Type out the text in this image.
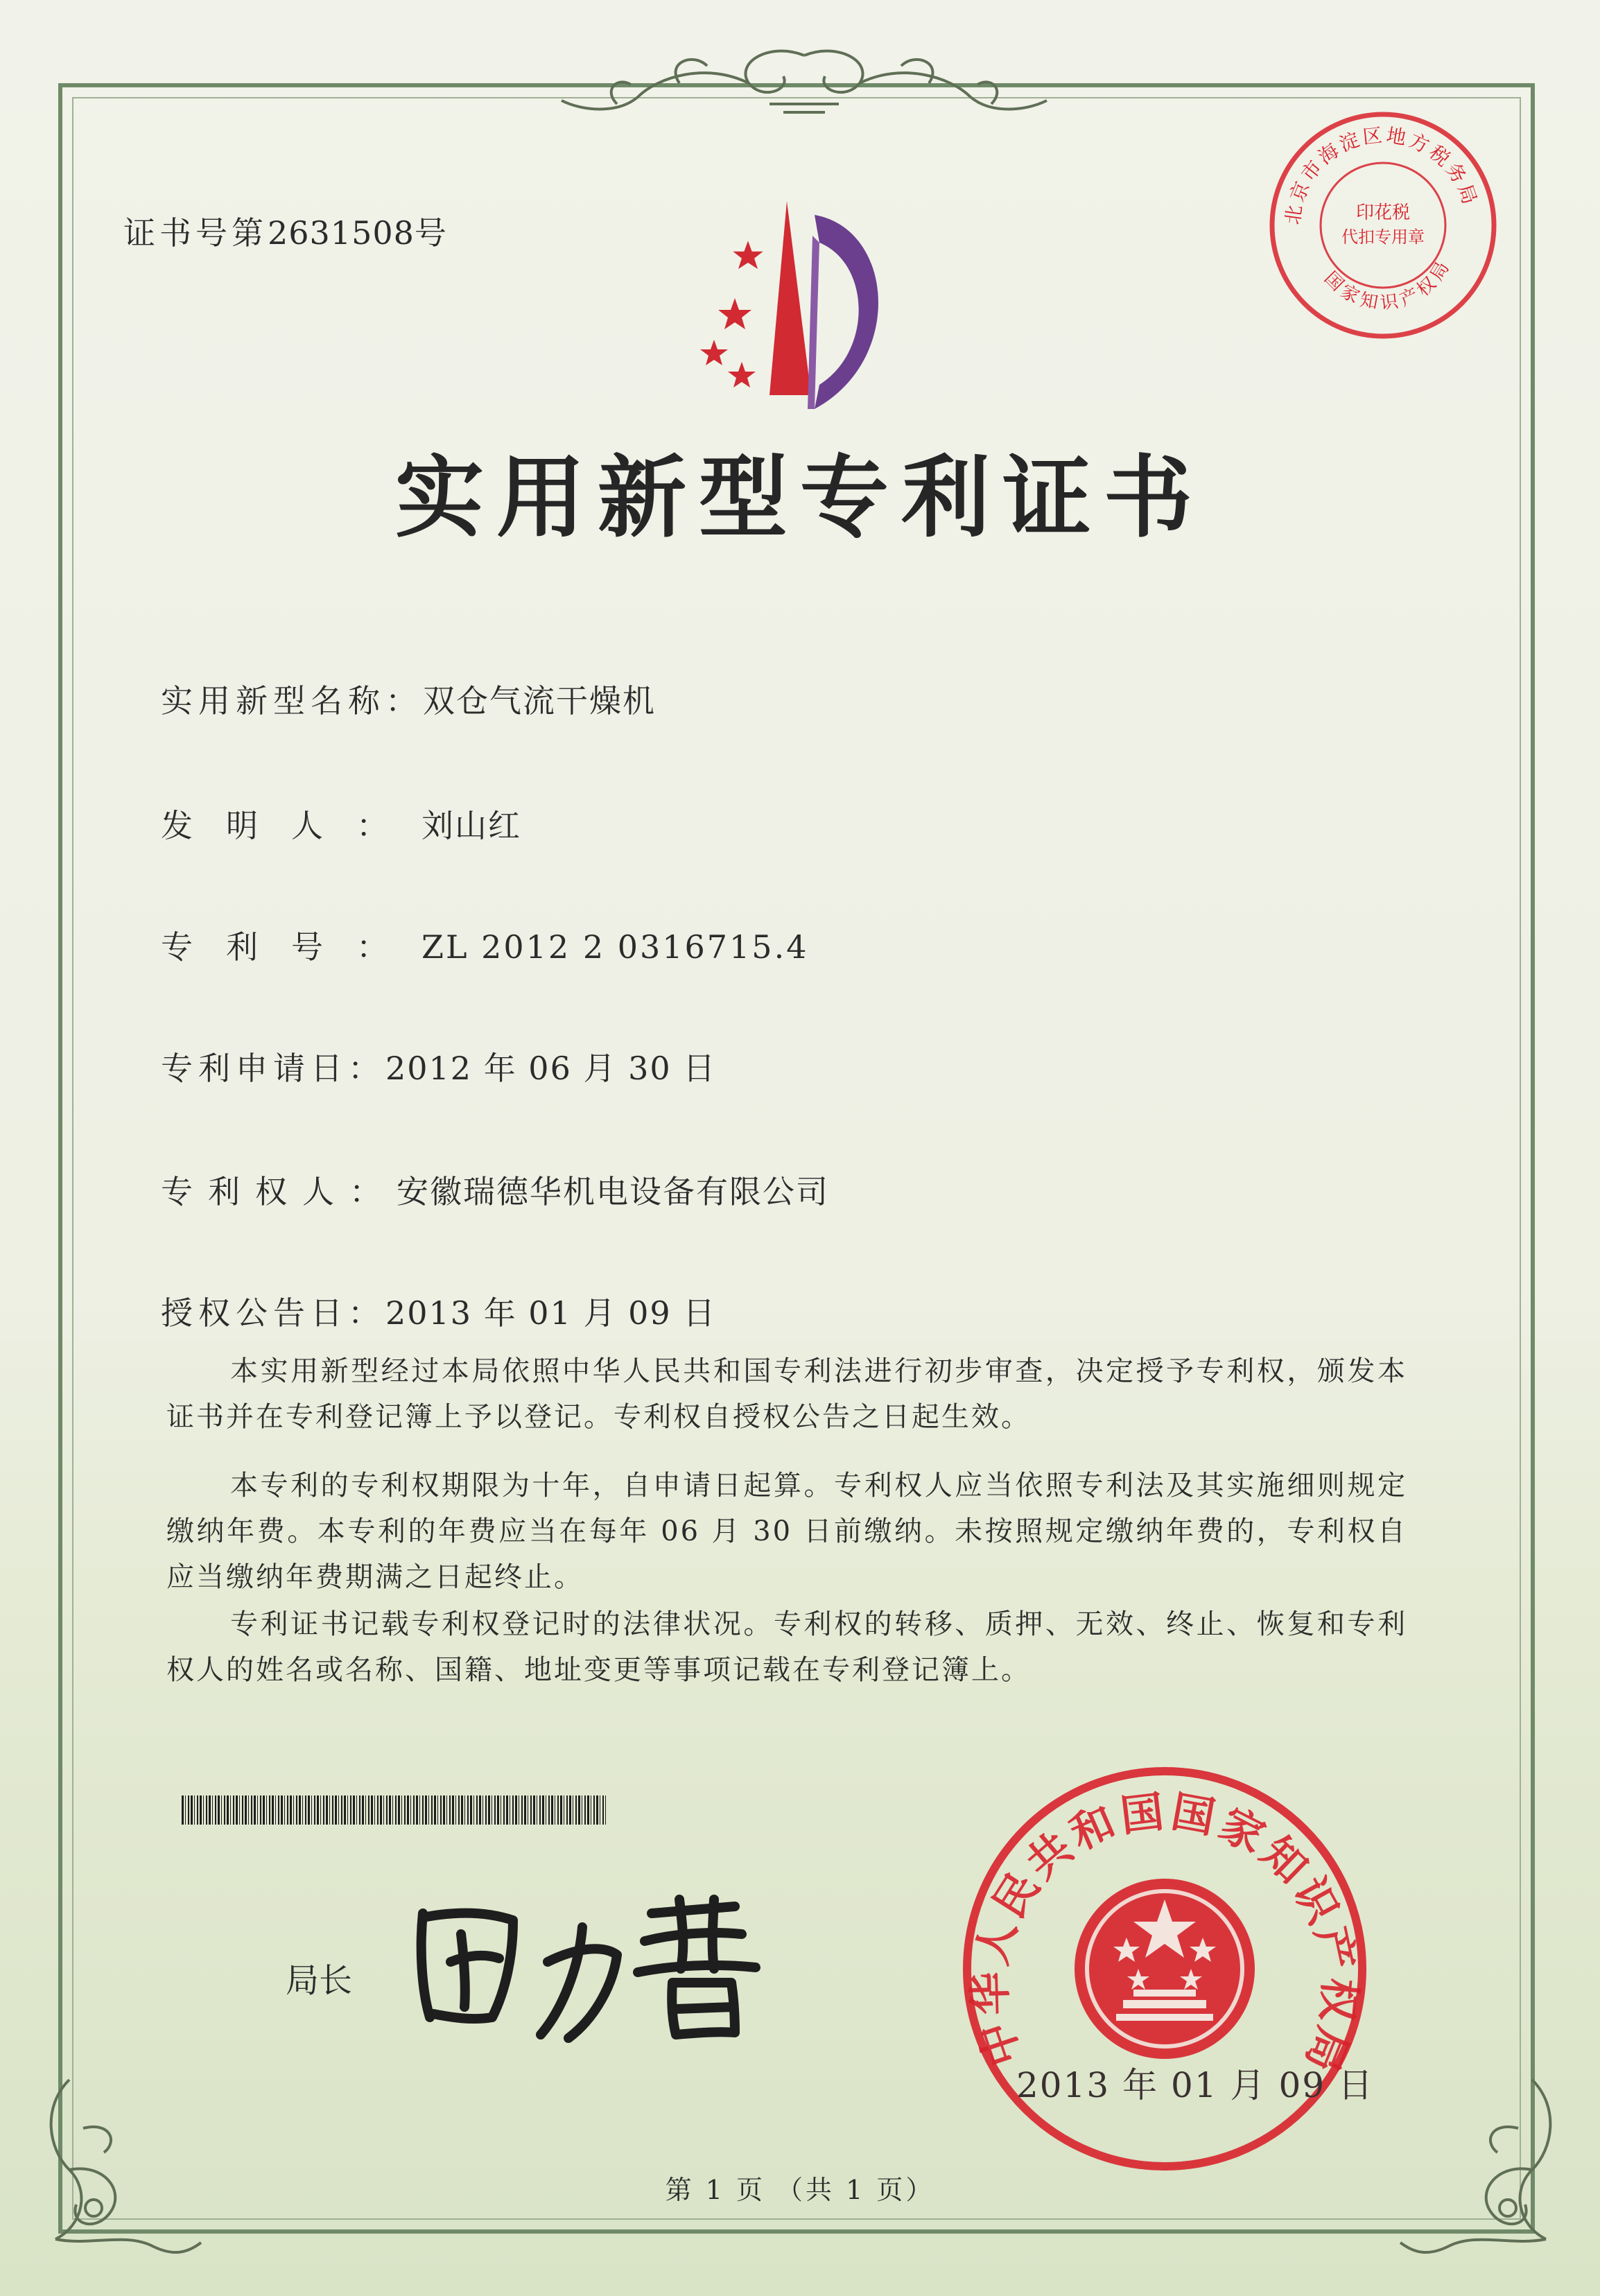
证书号第2631508号
北京市海淀区地方税务局
国家知识产权局
印花税
代扣专用章
实用新型专利证书
实用新型名称：双仓气流干燥机
发明人：刘山红
专利号：ZL 2012 2 0316715.4
专利申请日：2012 年 06 月 30 日
专利权人：安徽瑞德华机电设备有限公司
授权公告日：2013 年 01 月 09 日

本实用新型经过本局依照中华人民共和国专利法进行初步审查，决定授予专利权，颁发本证书并在专利登记簿上予以登记。专利权自授权公告之日起生效。

本专利的专利权期限为十年，自申请日起算。专利权人应当依照专利法及其实施细则规定缴纳年费。本专利的年费应当在每年 06 月 30 日前缴纳。未按照规定缴纳年费的，专利权自应当缴纳年费期满之日起终止。

专利证书记载专利权登记时的法律状况。专利权的转移、质押、无效、终止、恢复和专利权人的姓名或名称、国籍、地址变更等事项记载在专利登记簿上。

局长
中华人民共和国国家知识产权局
2013 年 01 月 09 日
第 1 页 （共 1 页）
